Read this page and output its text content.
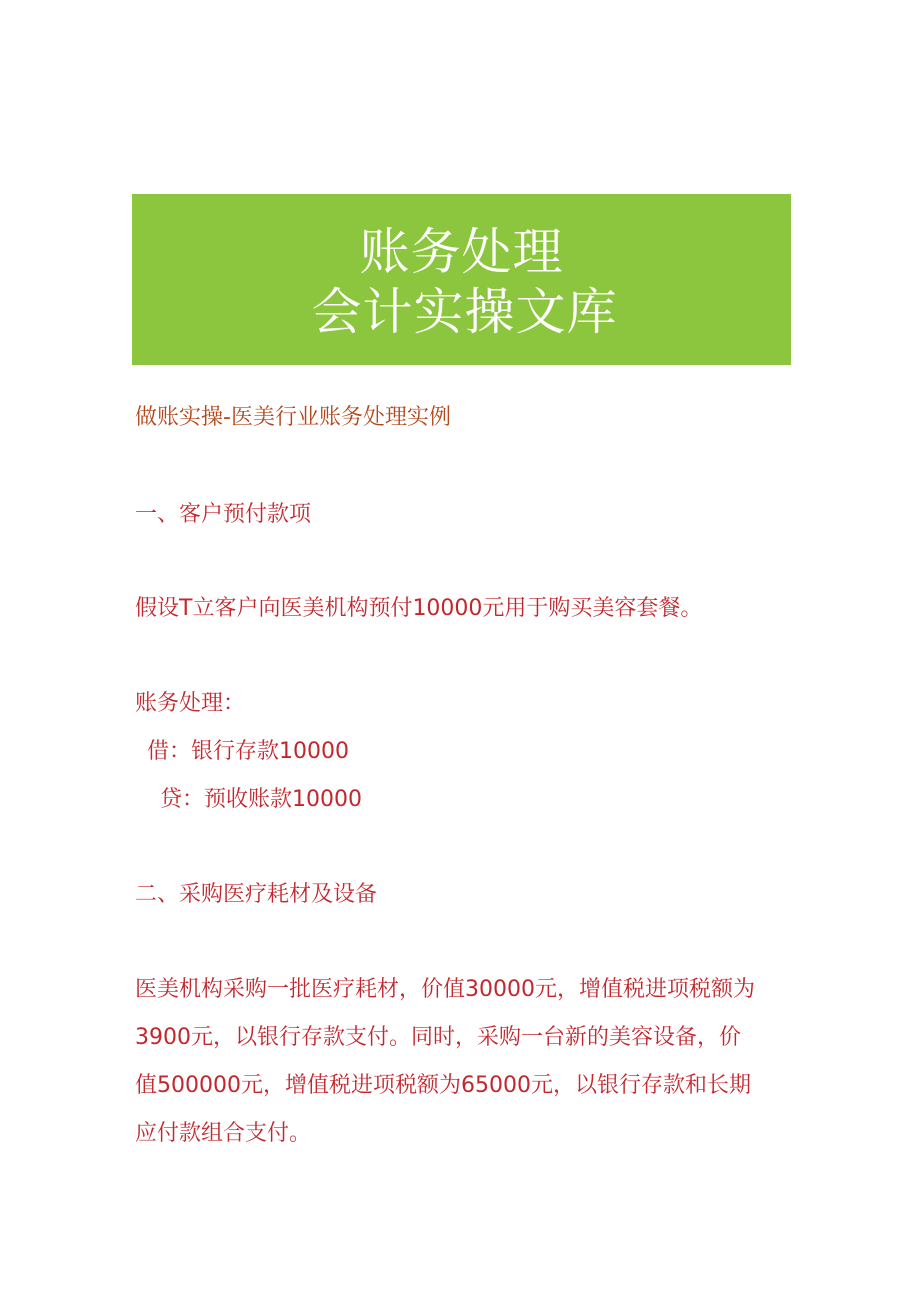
账务处理
会计实操文库
做账实操-医美行业账务处理实例
一、客户预付款项
假设T立客户向医美机构预付10000元用于购买美容套餐。
账务处理：
借：银行存款10000
贷：预收账款10000
二、采购医疗耗材及设备
医美机构采购一批医疗耗材，价值30000元，增值税进项税额为
3900元，以银行存款支付。同时，采购一台新的美容设备，价
值500000元，增值税进项税额为65000元，以银行存款和长期
应付款组合支付。
